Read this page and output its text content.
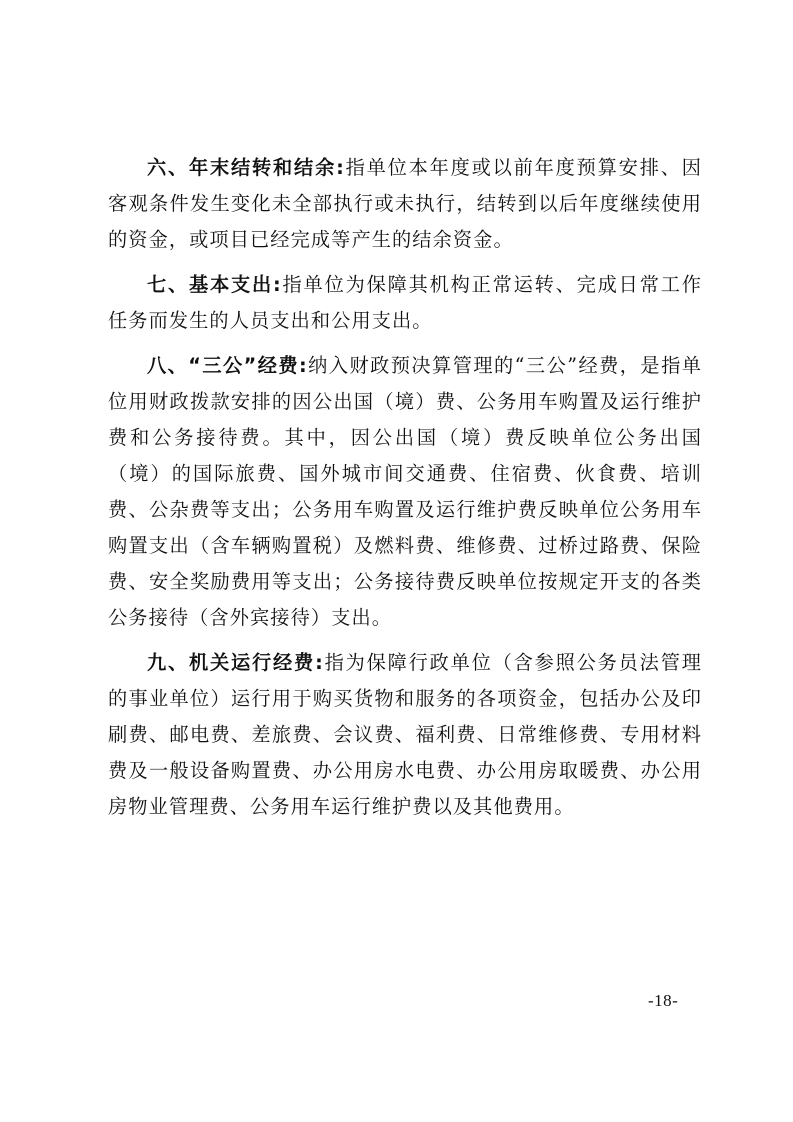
六、年末结转和结余:指单位本年度或以前年度预算安排、因客观条件发生变化未全部执行或未执行，结转到以后年度继续使用的资金，或项目已经完成等产生的结余资金。

七、基本支出:指单位为保障其机构正常运转、完成日常工作任务而发生的人员支出和公用支出。

八、“三公”经费:纳入财政预决算管理的“三公”经费，是指单位用财政拨款安排的因公出国（境）费、公务用车购置及运行维护费和公务接待费。其中，因公出国（境）费反映单位公务出国（境）的国际旅费、国外城市间交通费、住宿费、伙食费、培训费、公杂费等支出；公务用车购置及运行维护费反映单位公务用车购置支出（含车辆购置税）及燃料费、维修费、过桥过路费、保险费、安全奖励费用等支出；公务接待费反映单位按规定开支的各类公务接待（含外宾接待）支出。

九、机关运行经费:指为保障行政单位（含参照公务员法管理的事业单位）运行用于购买货物和服务的各项资金，包括办公及印刷费、邮电费、差旅费、会议费、福利费、日常维修费、专用材料费及一般设备购置费、办公用房水电费、办公用房取暖费、办公用房物业管理费、公务用车运行维护费以及其他费用。

-18-
